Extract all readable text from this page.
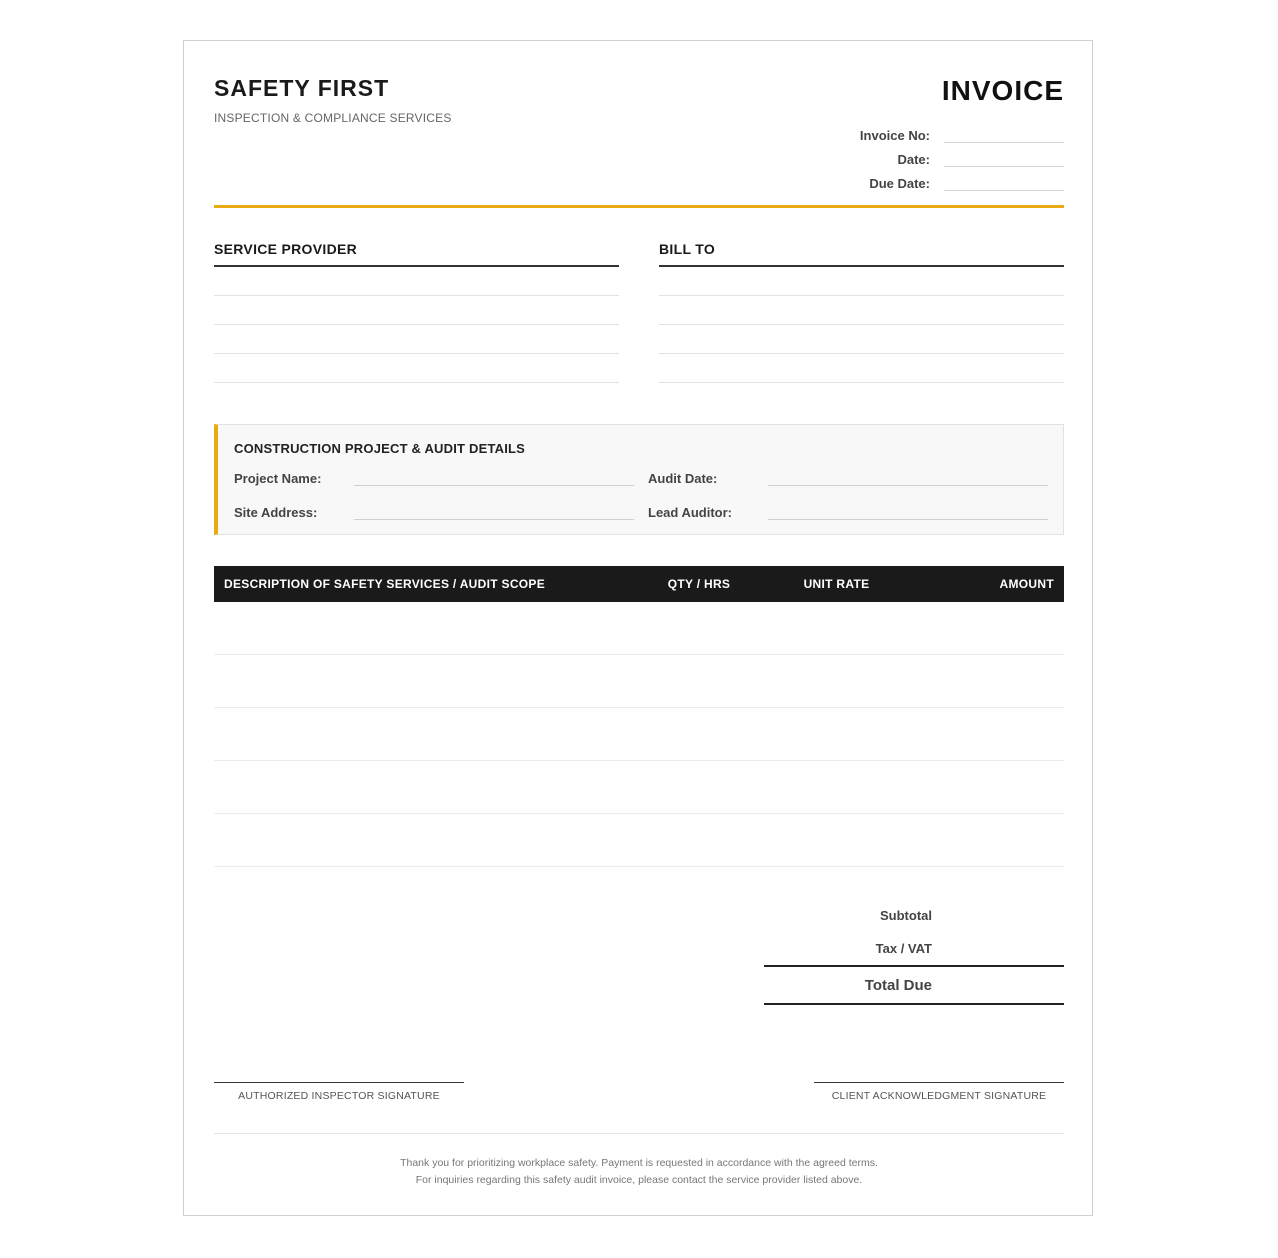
SAFETY FIRST
INSPECTION & COMPLIANCE SERVICES
INVOICE
Invoice No:
Date:
Due Date:
SERVICE PROVIDER	BILL TO
CONSTRUCTION PROJECT & AUDIT DETAILS
Project Name:	Audit Date:
Site Address:	Lead Auditor:
DESCRIPTION OF SAFETY SERVICES / AUDIT SCOPE	QTY / HRS	UNIT RATE	AMOUNT
Subtotal
Tax / VAT
Total Due
AUTHORIZED INSPECTOR SIGNATURE	CLIENT ACKNOWLEDGMENT SIGNATURE
Thank you for prioritizing workplace safety. Payment is requested in accordance with the agreed terms.
For inquiries regarding this safety audit invoice, please contact the service provider listed above.
